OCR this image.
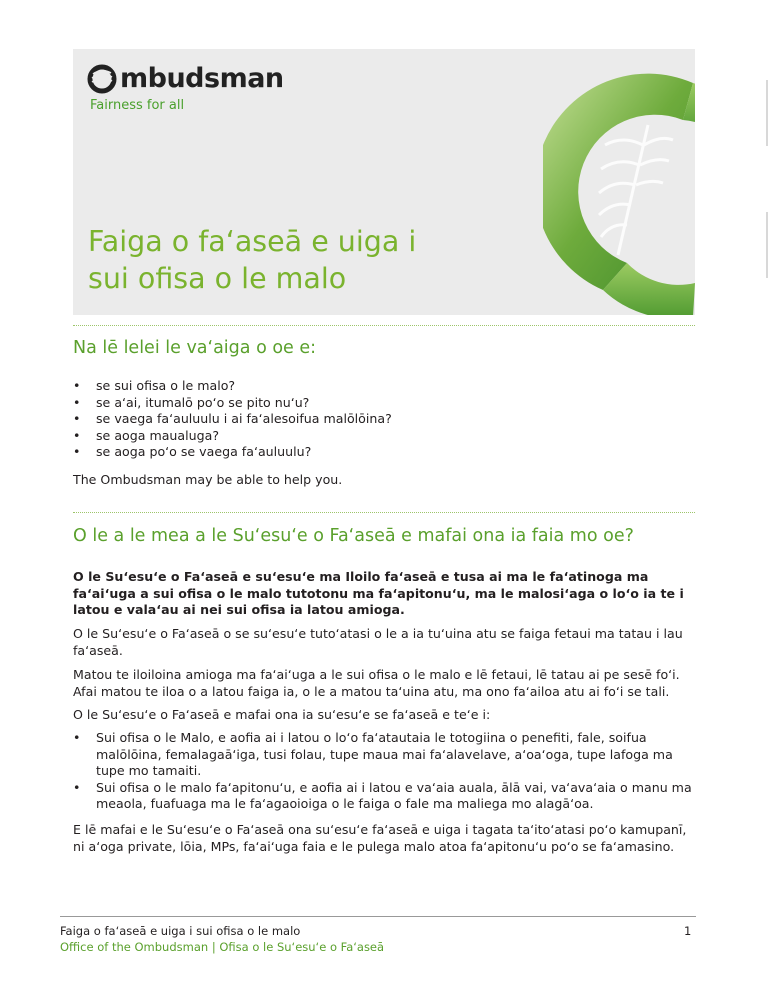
mbudsman
Fairness for all
Faiga o fa‘aseā e uiga i
sui ofisa o le malo
Na lē lelei le va‘aiga o oe e:
• se sui ofisa o le malo?
• se a‘ai, itumalō po‘o se pito nu‘u?
• se vaega fa‘auluulu i ai fa‘alesoifua malōlōina?
• se aoga maualuga?
• se aoga po‘o se vaega fa‘auluulu?

The Ombudsman may be able to help you.

O le a le mea a le Su‘esu‘e o Fa‘aseā e mafai ona ia faia mo oe?

O le Su‘esu‘e o Fa‘aseā e su‘esu‘e ma Iloilo fa‘aseā e tusa ai ma le fa‘atinoga ma fa‘ai‘uga a sui ofisa o le malo tutotonu ma fa‘apitonu‘u, ma le malosi‘aga o lo‘o ia te i latou e vala‘au ai nei sui ofisa ia latou amioga.

O le Su‘esu‘e o Fa‘aseā o se su‘esu‘e tuto‘atasi o le a ia tu‘uina atu se faiga fetaui ma tatau i lau fa‘aseā.

Matou te iloiloina amioga ma fa‘ai‘uga a le sui ofisa o le malo e lē fetaui, lē tatau ai pe sesē fo‘i. Afai matou te iloa o a latou faiga ia, o le a matou ta‘uina atu, ma ono fa‘ailoa atu ai fo‘i se tali.

O le Su‘esu‘e o Fa‘aseā e mafai ona ia su‘esu‘e se fa‘aseā e te‘e i:

• Sui ofisa o le Malo, e aofia ai i latou o lo‘o fa‘atautaia le totogiina o penefiti, fale, soifua malōlōina, femalagaā‘iga, tusi folau, tupe maua mai fa‘alavelave, a‘oa‘oga, tupe lafoga ma tupe mo tamaiti.
• Sui ofisa o le malo fa‘apitonu‘u, e aofia ai i latou e va‘aia auala, ālā vai, va‘ava‘aia o manu ma meaola, fuafuaga ma le fa‘agaoioiga o le faiga o fale ma maliega mo alagā‘oa.

E lē mafai e le Su‘esu‘e o Fa‘aseā ona su‘esu‘e fa‘aseā e uiga i tagata ta‘ito‘atasi po‘o kamupanī, ni a‘oga private, lōia, MPs, fa‘ai‘uga faia e le pulega malo atoa fa‘apitonu‘u po‘o se fa‘amasino.

Faiga o fa‘aseā e uiga i sui ofisa o le malo
Office of the Ombudsman | Ofisa o le Su‘esu‘e o Fa‘aseā
1
